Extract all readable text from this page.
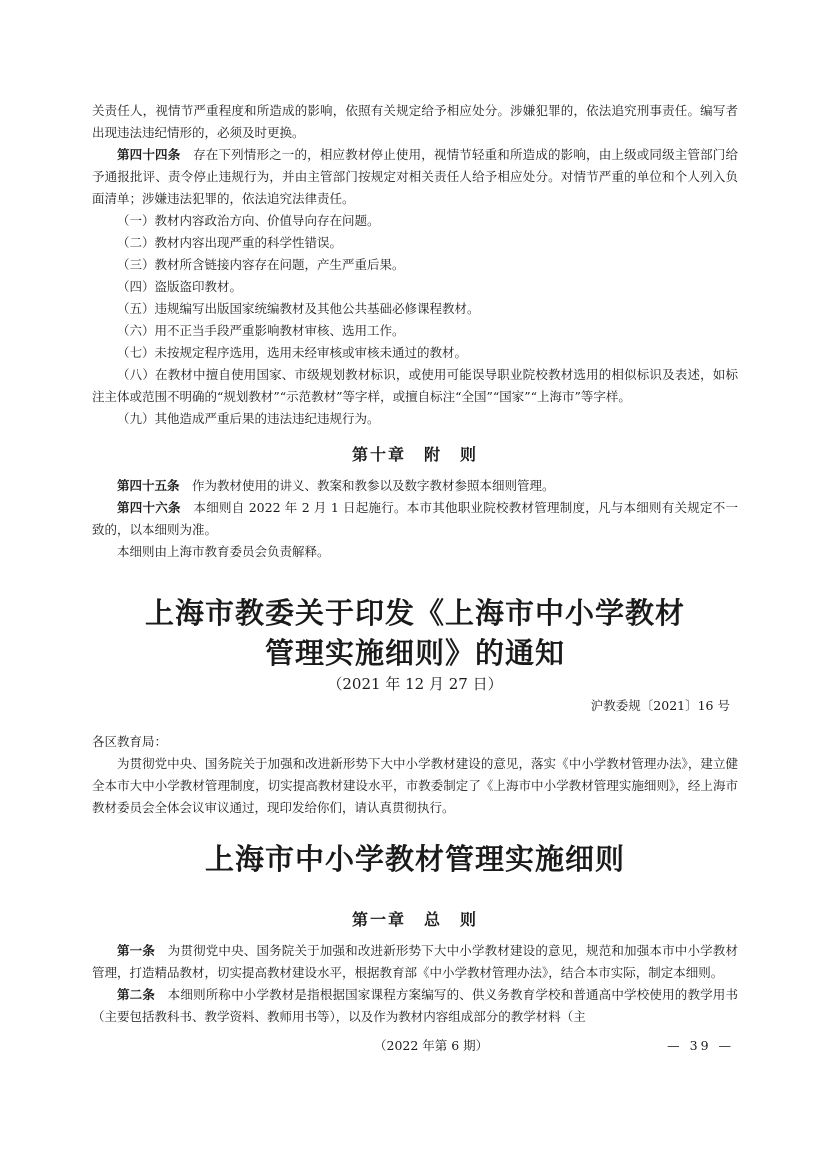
关责任人，视情节严重程度和所造成的影响，依照有关规定给予相应处分。涉嫌犯罪的，依法追究刑事责任。编写者出现违法违纪情形的，必须及时更换。

第四十四条　 存在下列情形之一的，相应教材停止使用，视情节轻重和所造成的影响，由上级或同级主管部门给予通报批评、责令停止违规行为，并由主管部门按规定对相关责任人给予相应处分。对情节严重的单位和个人列入负面清单；涉嫌违法犯罪的，依法追究法律责任。

（一）教材内容政治方向、价值导向存在问题。

（二）教材内容出现严重的科学性错误。

（三）教材所含链接内容存在问题，产生严重后果。

（四）盗版盗印教材。

（五）违规编写出版国家统编教材及其他公共基础必修课程教材。

（六）用不正当手段严重影响教材审核、选用工作。

（七）未按规定程序选用，选用未经审核或审核未通过的教材。

（八）在教材中擅自使用国家、市级规划教材标识，或使用可能误导职业院校教材选用的相似标识及表述，如标注主体或范围不明确的“规划教材”“示范教材”等字样，或擅自标注“全国”“国家”“上海市”等字样。

（九）其他造成严重后果的违法违纪违规行为。

第十章　附　则

第四十五条　 作为教材使用的讲义、教案和教参以及数字教材参照本细则管理。

第四十六条　 本细则自 2022 年 2 月 1 日起施行。本市其他职业院校教材管理制度，凡与本细则有关规定不一致的，以本细则为准。

本细则由上海市教育委员会负责解释。

上海市教委关于印发《上海市中小学教材
管理实施细则》的通知
（2021 年 12 月 27 日）
沪教委规〔2021〕16 号

各区教育局：

为贯彻党中央、国务院关于加强和改进新形势下大中小学教材建设的意见，落实《中小学教材管理办法》，建立健全本市大中小学教材管理制度，切实提高教材建设水平，市教委制定了《上海市中小学教材管理实施细则》，经上海市教材委员会全体会议审议通过，现印发给你们，请认真贯彻执行。

上海市中小学教材管理实施细则
第一章　总　则

第一条　 为贯彻党中央、国务院关于加强和改进新形势下大中小学教材建设的意见，规范和加强本市中小学教材管理，打造精品教材，切实提高教材建设水平，根据教育部《中小学教材管理办法》，结合本市实际，制定本细则。

第二条　 本细则所称中小学教材是指根据国家课程方案编写的、供义务教育学校和普通高中学校使用的教学用书（主要包括教科书、教学资料、教师用书等），以及作为教材内容组成部分的教学材料（主

（2022 年第 6 期）	— 39 —
